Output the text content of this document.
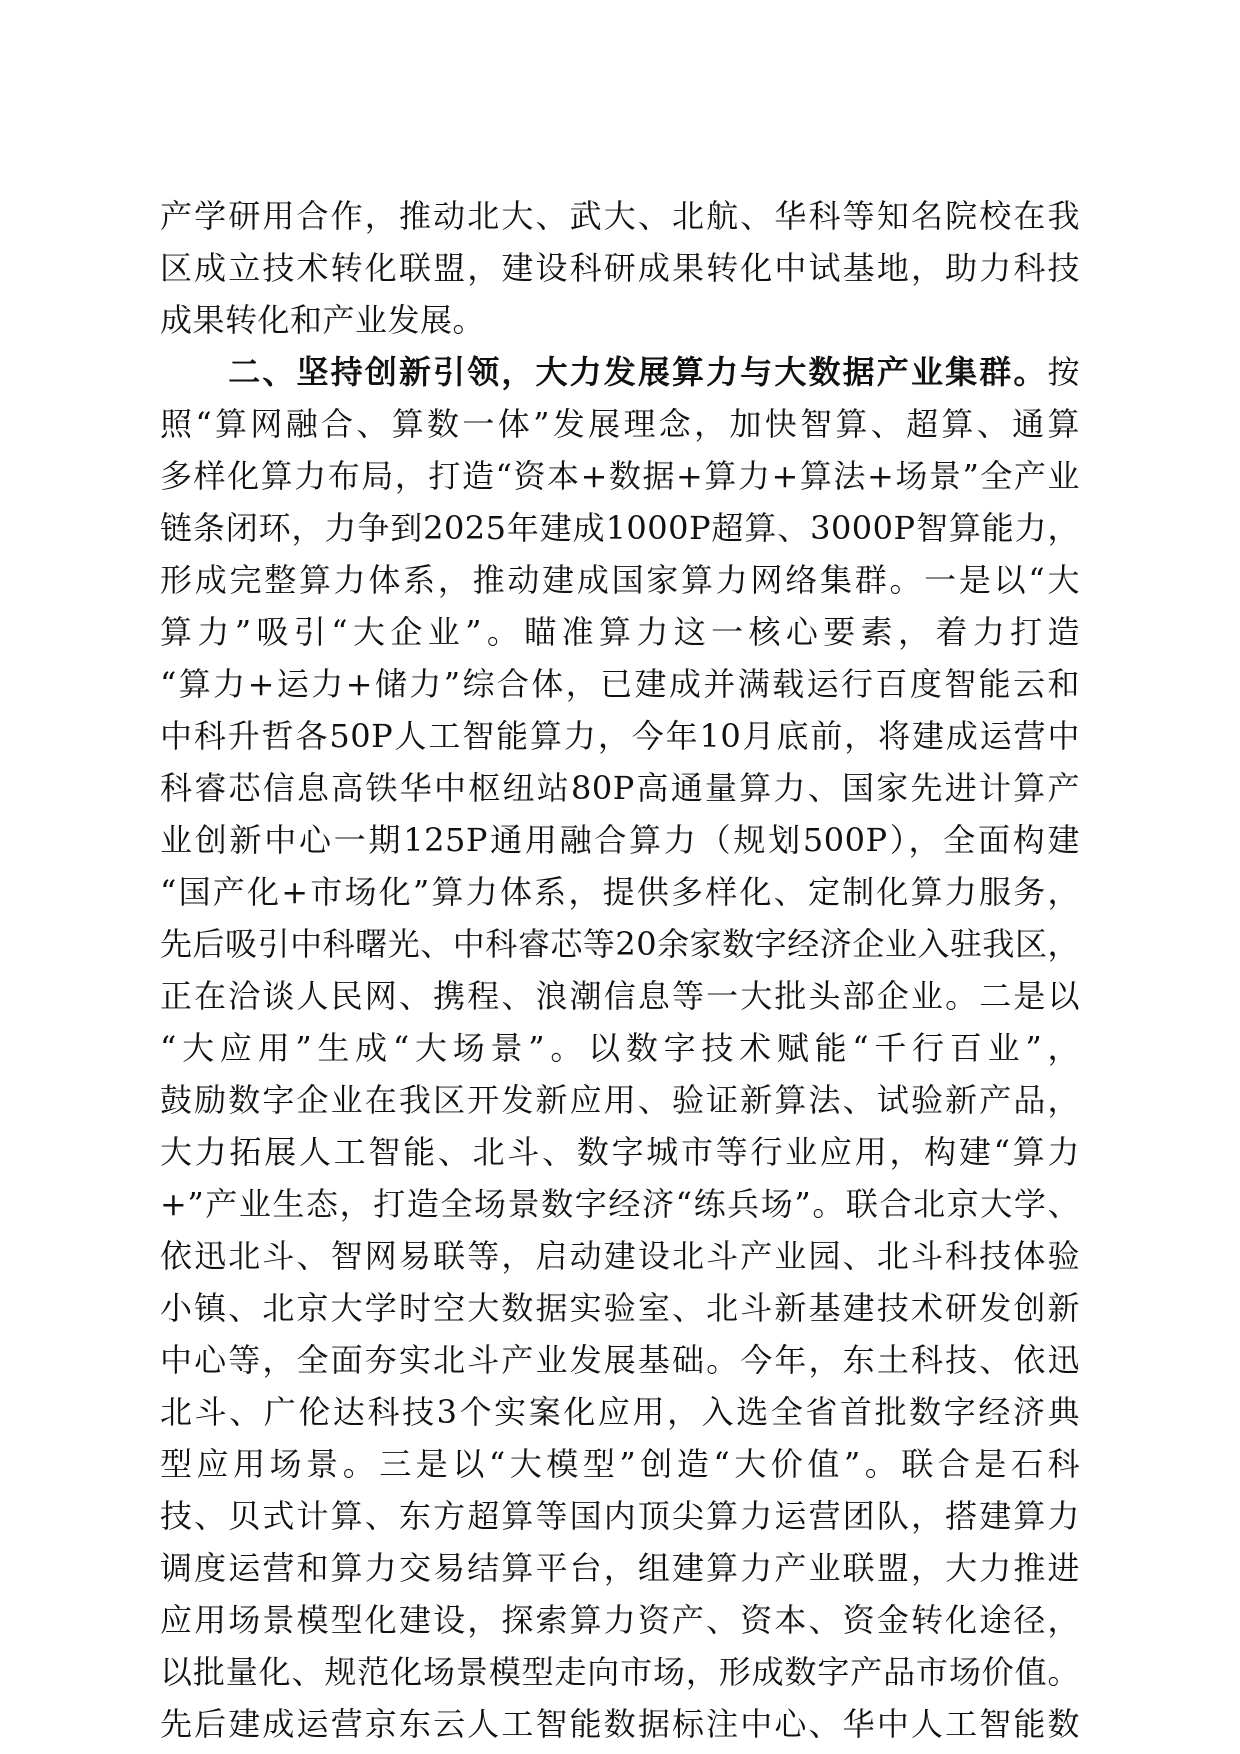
产学研用合作，推动北大、武大、北航、华科等知名院校在我
区成立技术转化联盟，建设科研成果转化中试基地，助力科技
成果转化和产业发展。
　　二、坚持创新引领，大力发展算力与大数据产业集群。按
照“算网融合、算数一体”发展理念，加快智算、超算、通算
多样化算力布局，打造“资本+数据+算力+算法+场景”全产业
链条闭环，力争到2025年建成1000P超算、3000P智算能力，
形成完整算力体系，推动建成国家算力网络集群。一是以“大
算力”吸引“大企业”。瞄准算力这一核心要素，着力打造
“算力+运力+储力”综合体，已建成并满载运行百度智能云和
中科升哲各50P人工智能算力，今年10月底前，将建成运营中
科睿芯信息高铁华中枢纽站80P高通量算力、国家先进计算产
业创新中心一期125P通用融合算力（规划500P），全面构建
“国产化+市场化”算力体系，提供多样化、定制化算力服务，
先后吸引中科曙光、中科睿芯等20余家数字经济企业入驻我区，
正在洽谈人民网、携程、浪潮信息等一大批头部企业。二是以
“大应用”生成“大场景”。以数字技术赋能“千行百业”，
鼓励数字企业在我区开发新应用、验证新算法、试验新产品，
大力拓展人工智能、北斗、数字城市等行业应用，构建“算力
+”产业生态，打造全场景数字经济“练兵场”。联合北京大学、
依迅北斗、智网易联等，启动建设北斗产业园、北斗科技体验
小镇、北京大学时空大数据实验室、北斗新基建技术研发创新
中心等，全面夯实北斗产业发展基础。今年，东土科技、依迅
北斗、广伦达科技3个实案化应用，入选全省首批数字经济典
型应用场景。三是以“大模型”创造“大价值”。联合是石科
技、贝式计算、东方超算等国内顶尖算力运营团队，搭建算力
调度运营和算力交易结算平台，组建算力产业联盟，大力推进
应用场景模型化建设，探索算力资产、资本、资金转化途径，
以批量化、规范化场景模型走向市场，形成数字产品市场价值。
先后建成运营京东云人工智能数据标注中心、华中人工智能数
